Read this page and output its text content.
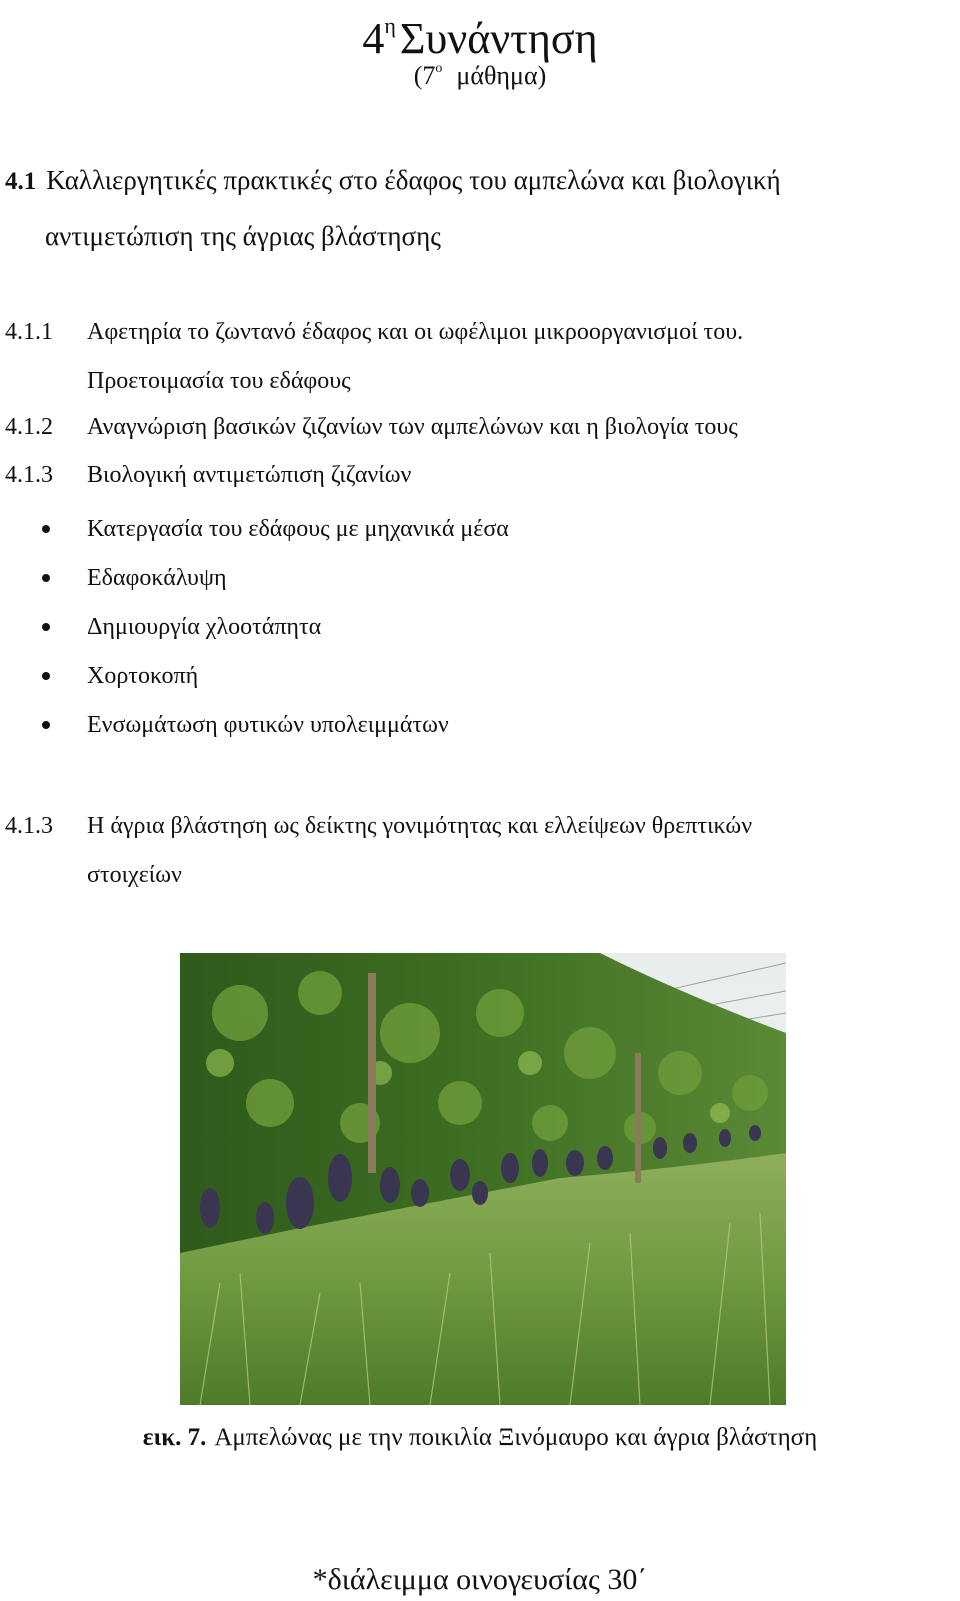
$4^\eta\Sigma\upsilon\nu ά\nu\tau\eta\sigma\eta$
($7^o$ μάθημα)
4.1 Καλλιεργητικές πρακτικές στο έδαφος του αμπελώνα και βιολογική
αντιμετώπιση της άγριας βλάστησης
4.1.1 Αφετηρία το ζωντανό έδαφος και οι ωφέλιμοι μικροοργανισμοί του.
Προετοιμασία του εδάφους
4.1.2 Αναγνώριση βασικών ζιζανίων των αμπελώνων και η βιολογία τους
4.1.3 Βιολογική αντιμετώπιση ζιζανίων
Κατεργασία του εδάφους με μηχανικά μέσα
Εδαφοκάλυψη
Δημιουργία χλοοτάπητα
Χορτοκοπή
Ενσωμάτωση φυτικών υπολειμμάτων
4.1.3 Η άγρια βλάστηση ως δείκτης γονιμότητας και ελλείψεων θρεπτικών
στοιχείων
εικ. 7. Αμπελώνας με την ποικιλία Ξινόμαυρο και άγρια βλάστηση
*διάλειμμα οινογευσίας 30΄
